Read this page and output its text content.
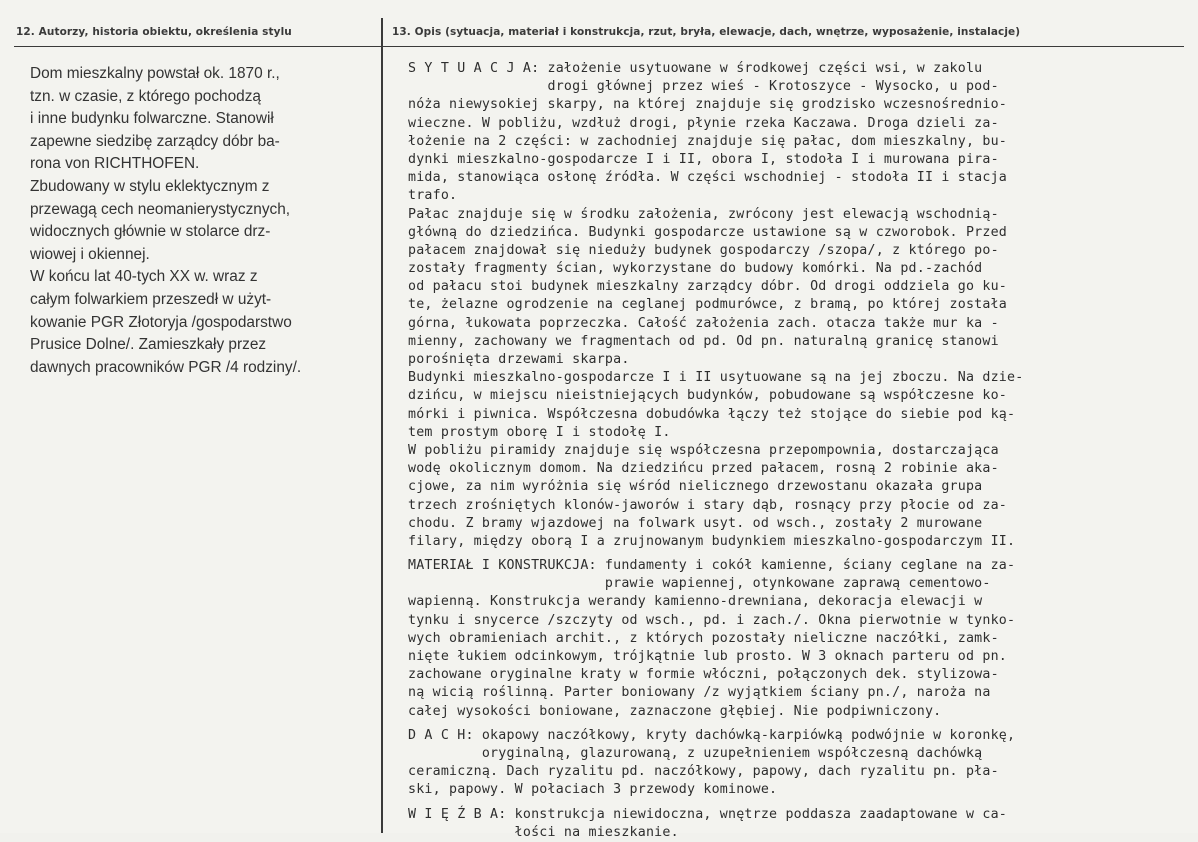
12. Autorzy, historia obiektu, określenia stylu	13. Opis (sytuacja, materiał i konstrukcja, rzut, bryła, elewacje, dach, wnętrze, wyposażenie, instalacje)

Dom mieszkalny powstał ok. 1870 r.,

tzn. w czasie, z którego pochodzą

i inne budynku folwarczne. Stanowił

zapewne siedzibę zarządcy dóbr ba-

rona von RICHTHOFEN.

Zbudowany w stylu eklektycznym z

przewagą cech neomanierystycznych,

widocznych głównie w stolarce drz-

wiowej i okiennej.

W końcu lat 40-tych XX w. wraz z

całym folwarkiem przeszedł w użyt-

kowanie PGR Złotoryja /gospodarstwo

Prusice Dolne/. Zamieszkały przez

dawnych pracowników PGR /4 rodziny/.

S Y T U A C J A: założenie usytuowane w środkowej części wsi, w zakolu
drogi głównej przez wieś - Krotoszyce - Wysocko, u pod-
nóża niewysokiej skarpy, na której znajduje się grodzisko wczesnośrednio-
wieczne. W pobliżu, wzdłuż drogi, płynie rzeka Kaczawa. Droga dzieli za-
łożenie na 2 części: w zachodniej znajduje się pałac, dom mieszkalny, bu-
dynki mieszkalno-gospodarcze I i II, obora I, stodoła I i murowana pira-
mida, stanowiąca osłonę źródła. W części wschodniej - stodoła II i stacja
trafo.
Pałac znajduje się w środku założenia, zwrócony jest elewacją wschodnią-
główną do dziedzińca. Budynki gospodarcze ustawione są w czworobok. Przed
pałacem znajdował się nieduży budynek gospodarczy /szopa/, z którego po-
zostały fragmenty ścian, wykorzystane do budowy komórki. Na pd.-zachód
od pałacu stoi budynek mieszkalny zarządcy dóbr. Od drogi oddziela go ku-
te, żelazne ogrodzenie na ceglanej podmurówce, z bramą, po której została
górna, łukowata poprzeczka. Całość założenia zach. otacza także mur ka -
mienny, zachowany we fragmentach od pd. Od pn. naturalną granicę stanowi
porośnięta drzewami skarpa.
Budynki mieszkalno-gospodarcze I i II usytuowane są na jej zboczu. Na dzie-
dzińcu, w miejscu nieistniejących budynków, pobudowane są współczesne ko-
mórki i piwnica. Współczesna dobudówka łączy też stojące do siebie pod ką-
tem prostym oborę I i stodołę I.
W pobliżu piramidy znajduje się współczesna przepompownia, dostarczająca
wodę okolicznym domom. Na dziedzińcu przed pałacem, rosną 2 robinie aka-
cjowe, za nim wyróżnia się wśród nielicznego drzewostanu okazała grupa
trzech zrośniętych klonów-jaworów i stary dąb, rosnący przy płocie od za-
chodu. Z bramy wjazdowej na folwark usyt. od wsch., zostały 2 murowane
filary, między oborą I a zrujnowanym budynkiem mieszkalno-gospodarczym II.
MATERIAŁ I KONSTRUKCJA: fundamenty i cokół kamienne, ściany ceglane na za-
prawie wapiennej, otynkowane zaprawą cementowo-
wapienną. Konstrukcja werandy kamienno-drewniana, dekoracja elewacji w
tynku i snycerce /szczyty od wsch., pd. i zach./. Okna pierwotnie w tynko-
wych obramieniach archit., z których pozostały nieliczne naczółki, zamk-
nięte łukiem odcinkowym, trójkątnie lub prosto. W 3 oknach parteru od pn.
zachowane oryginalne kraty w formie włóczni, połączonych dek. stylizowa-
ną wicią roślinną. Parter boniowany /z wyjątkiem ściany pn./, naroża na
całej wysokości boniowane, zaznaczone głębiej. Nie podpiwniczony.
D A C H: okapowy naczółkowy, kryty dachówką-karpiówką podwójnie w koronkę,
oryginalną, glazurowaną, z uzupełnieniem współczesną dachówką
ceramiczną. Dach ryzalitu pd. naczółkowy, papowy, dach ryzalitu pn. pła-
ski, papowy. W połaciach 3 przewody kominowe.
W I Ę Ź B A: konstrukcja niewidoczna, wnętrze poddasza zaadaptowane w ca-
łości na mieszkanie.
